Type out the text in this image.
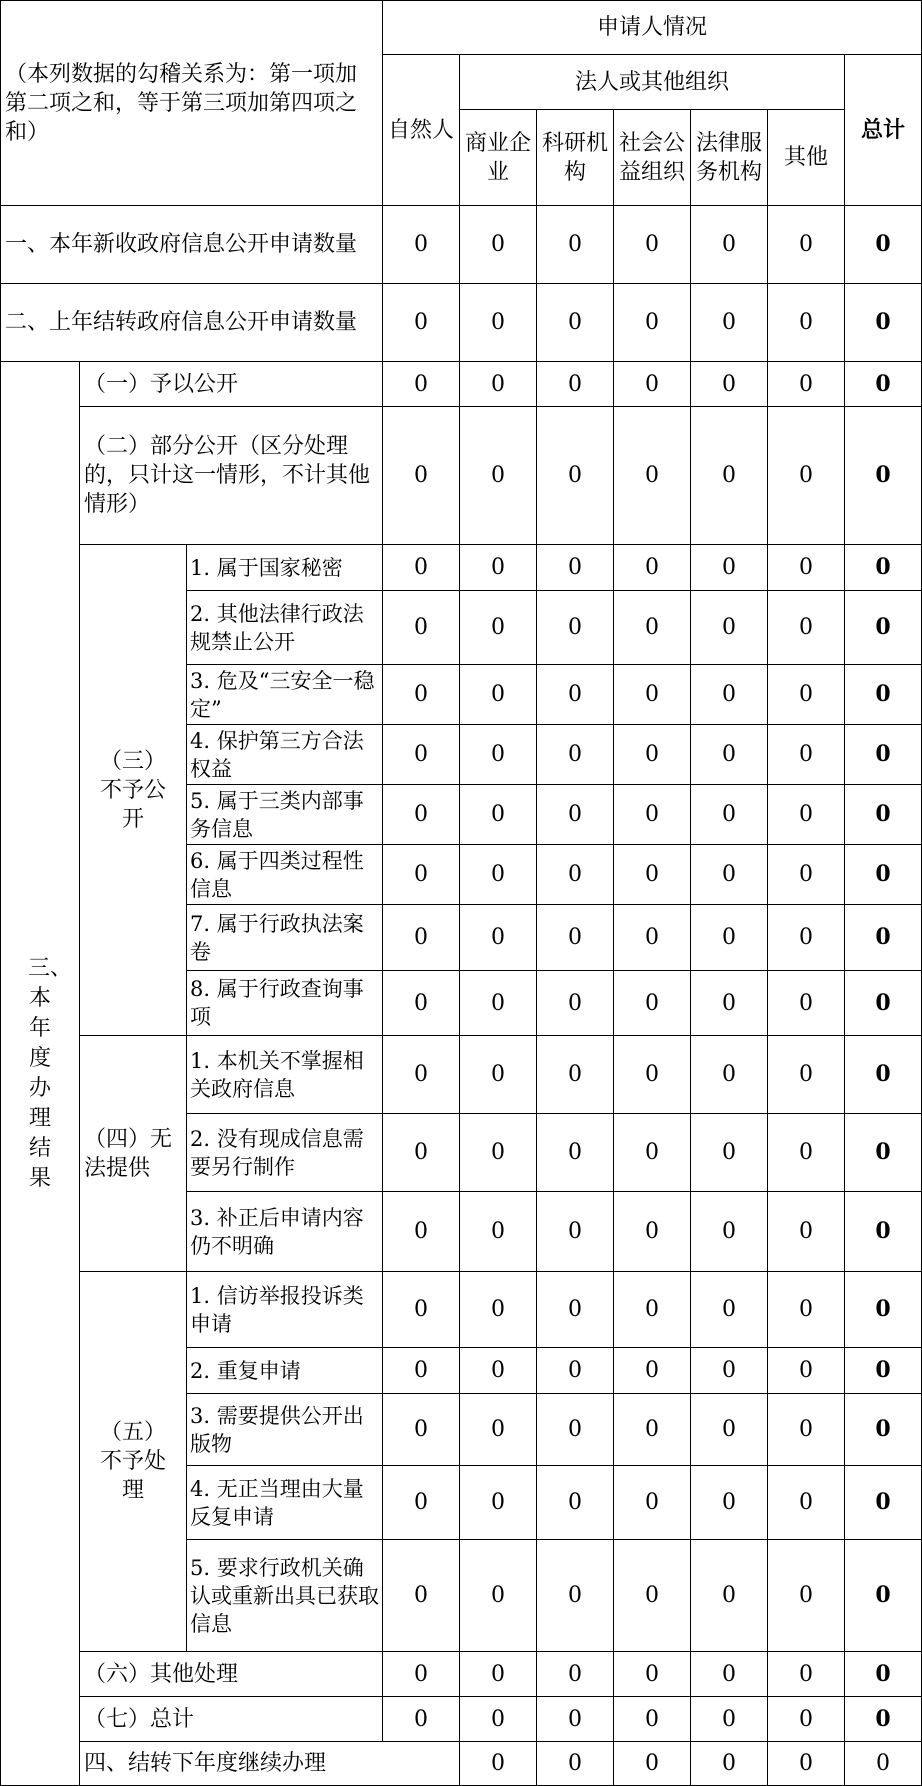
（本列数据的勾稽关系为：第一项加第二项之和，等于第三项加第四项之和）			申请人情况							
			自然人	法人或其他组织					总计	
				商业企业	科研机构	社会公益组织	法律服务机构	其他		
一、本年新收政府信息公开申请数量			0	0	0	0	0	0	0	
二、上年结转政府信息公开申请数量			0	0	0	0	0	0	0	

三、本年度办理结果	（一）予以公开		0	0	0	0	0	0	0	
	（二）部分公开（区分处理的，只计这一情形，不计其他情形）		0	0	0	0	0	0	0	

	（三）不予公开	1. 属于国家秘密	0	0	0	0	0	0	0	
		2. 其他法律行政法规禁止公开	0	0	0	0	0	0	0	
		3. 危及“三安全一稳定”	0	0	0	0	0	0	0	
		4. 保护第三方合法权益	0	0	0	0	0	0	0	
		5. 属于三类内部事务信息	0	0	0	0	0	0	0	
		6. 属于四类过程性信息	0	0	0	0	0	0	0	
		7. 属于行政执法案卷	0	0	0	0	0	0	0	
		8. 属于行政查询事项	0	0	0	0	0	0	0	
	（四）无法提供	1. 本机关不掌握相关政府信息	0	0	0	0	0	0	0	
		2. 没有现成信息需要另行制作	0	0	0	0	0	0	0	
		3. 补正后申请内容仍不明确	0	0	0	0	0	0	0	

	（五）不予处理	1. 信访举报投诉类申请	0	0	0	0	0	0	0	
		2. 重复申请	0	0	0	0	0	0	0	
		3. 需要提供公开出版物	0	0	0	0	0	0	0	
		4. 无正当理由大量反复申请	0	0	0	0	0	0	0	
		5. 要求行政机关确认或重新出具已获取信息	0	0	0	0	0	0	0	
	（六）其他处理		0	0	0	0	0	0	0	
	（七）总计		0	0	0	0	0	0	0	
	四、结转下年度继续办理			0	0	0	0	0	0	
